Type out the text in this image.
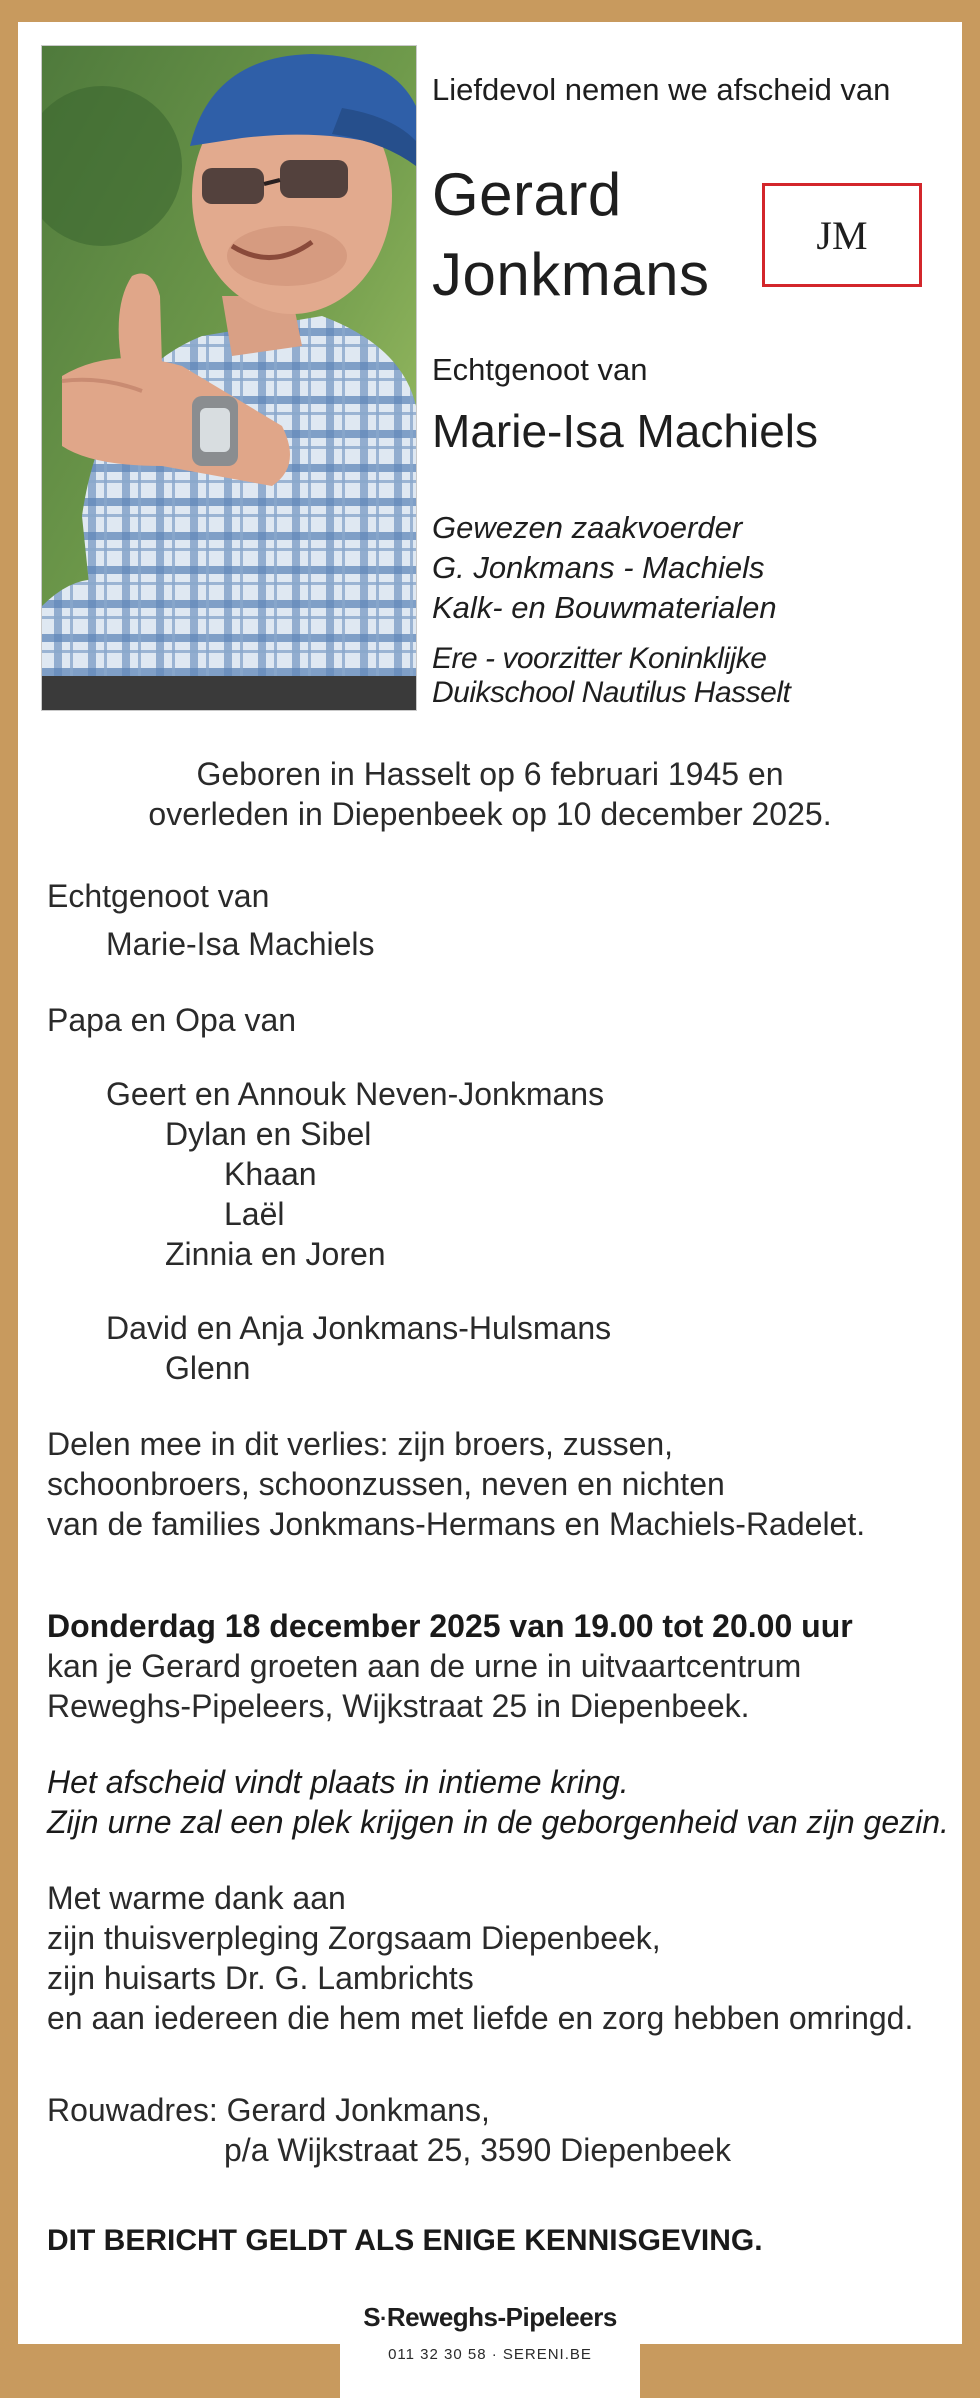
Liefdevol nemen we afscheid van
Gerard
Jonkmans
JM
Echtgenoot van
Marie-Isa Machiels
Gewezen zaakvoerder
G. Jonkmans - Machiels
Kalk- en Bouwmaterialen
Ere - voorzitter Koninklijke
Duikschool Nautilus Hasselt
Geboren in Hasselt op 6 februari 1945 en
overleden in Diepenbeek op 10 december 2025.
Echtgenoot van
Marie-Isa Machiels
Papa en Opa van
Geert en Annouk Neven-Jonkmans
Dylan en Sibel
Khaan
Laël
Zinnia en Joren
David en Anja Jonkmans-Hulsmans
Glenn
Delen mee in dit verlies: zijn broers, zussen,
schoonbroers, schoonzussen, neven en nichten
van de families Jonkmans-Hermans en Machiels-Radelet.
Donderdag 18 december 2025 van 19.00 tot 20.00 uur
kan je Gerard groeten aan de urne in uitvaartcentrum
Reweghs-Pipeleers, Wijkstraat 25 in Diepenbeek.
Het afscheid vindt plaats in intieme kring.
Zijn urne zal een plek krijgen in de geborgenheid van zijn gezin.
Met warme dank aan
zijn thuisverpleging Zorgsaam Diepenbeek,
zijn huisarts Dr. G. Lambrichts
en aan iedereen die hem met liefde en zorg hebben omringd.
Rouwadres: Gerard Jonkmans,
p/a Wijkstraat 25, 3590 Diepenbeek
DIT BERICHT GELDT ALS ENIGE KENNISGEVING.
S·Reweghs-Pipeleers
011 32 30 58 · SERENI.BE
